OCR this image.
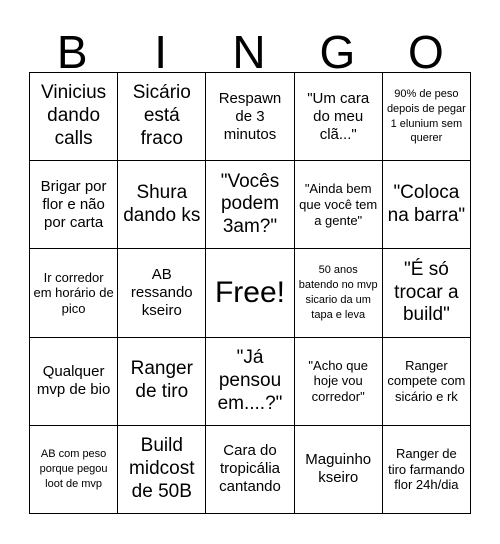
B	I	N	G	O
Vinicius dando calls
Sicário está fraco
Respawn de 3 minutos
"Um cara do meu clã..."
90% de peso depois de pegar 1 elunium sem querer
Brigar por flor e não por carta
Shura dando ks
"Vocês podem 3am?"
"Ainda bem que você tem a gente"
"Coloca na barra"
Ir corredor em horário de pico
AB ressando kseiro
Free!
50 anos batendo no mvp sicario da um tapa e leva
"É só trocar a build"
Qualquer mvp de bio
Ranger de tiro
"Já pensou em....?"
"Acho que hoje vou corredor"
Ranger compete com sicário e rk
AB com peso porque pegou loot de mvp
Build midcost de 50B
Cara do tropicália cantando
Maguinho kseiro
Ranger de tiro farmando flor 24h/dia
